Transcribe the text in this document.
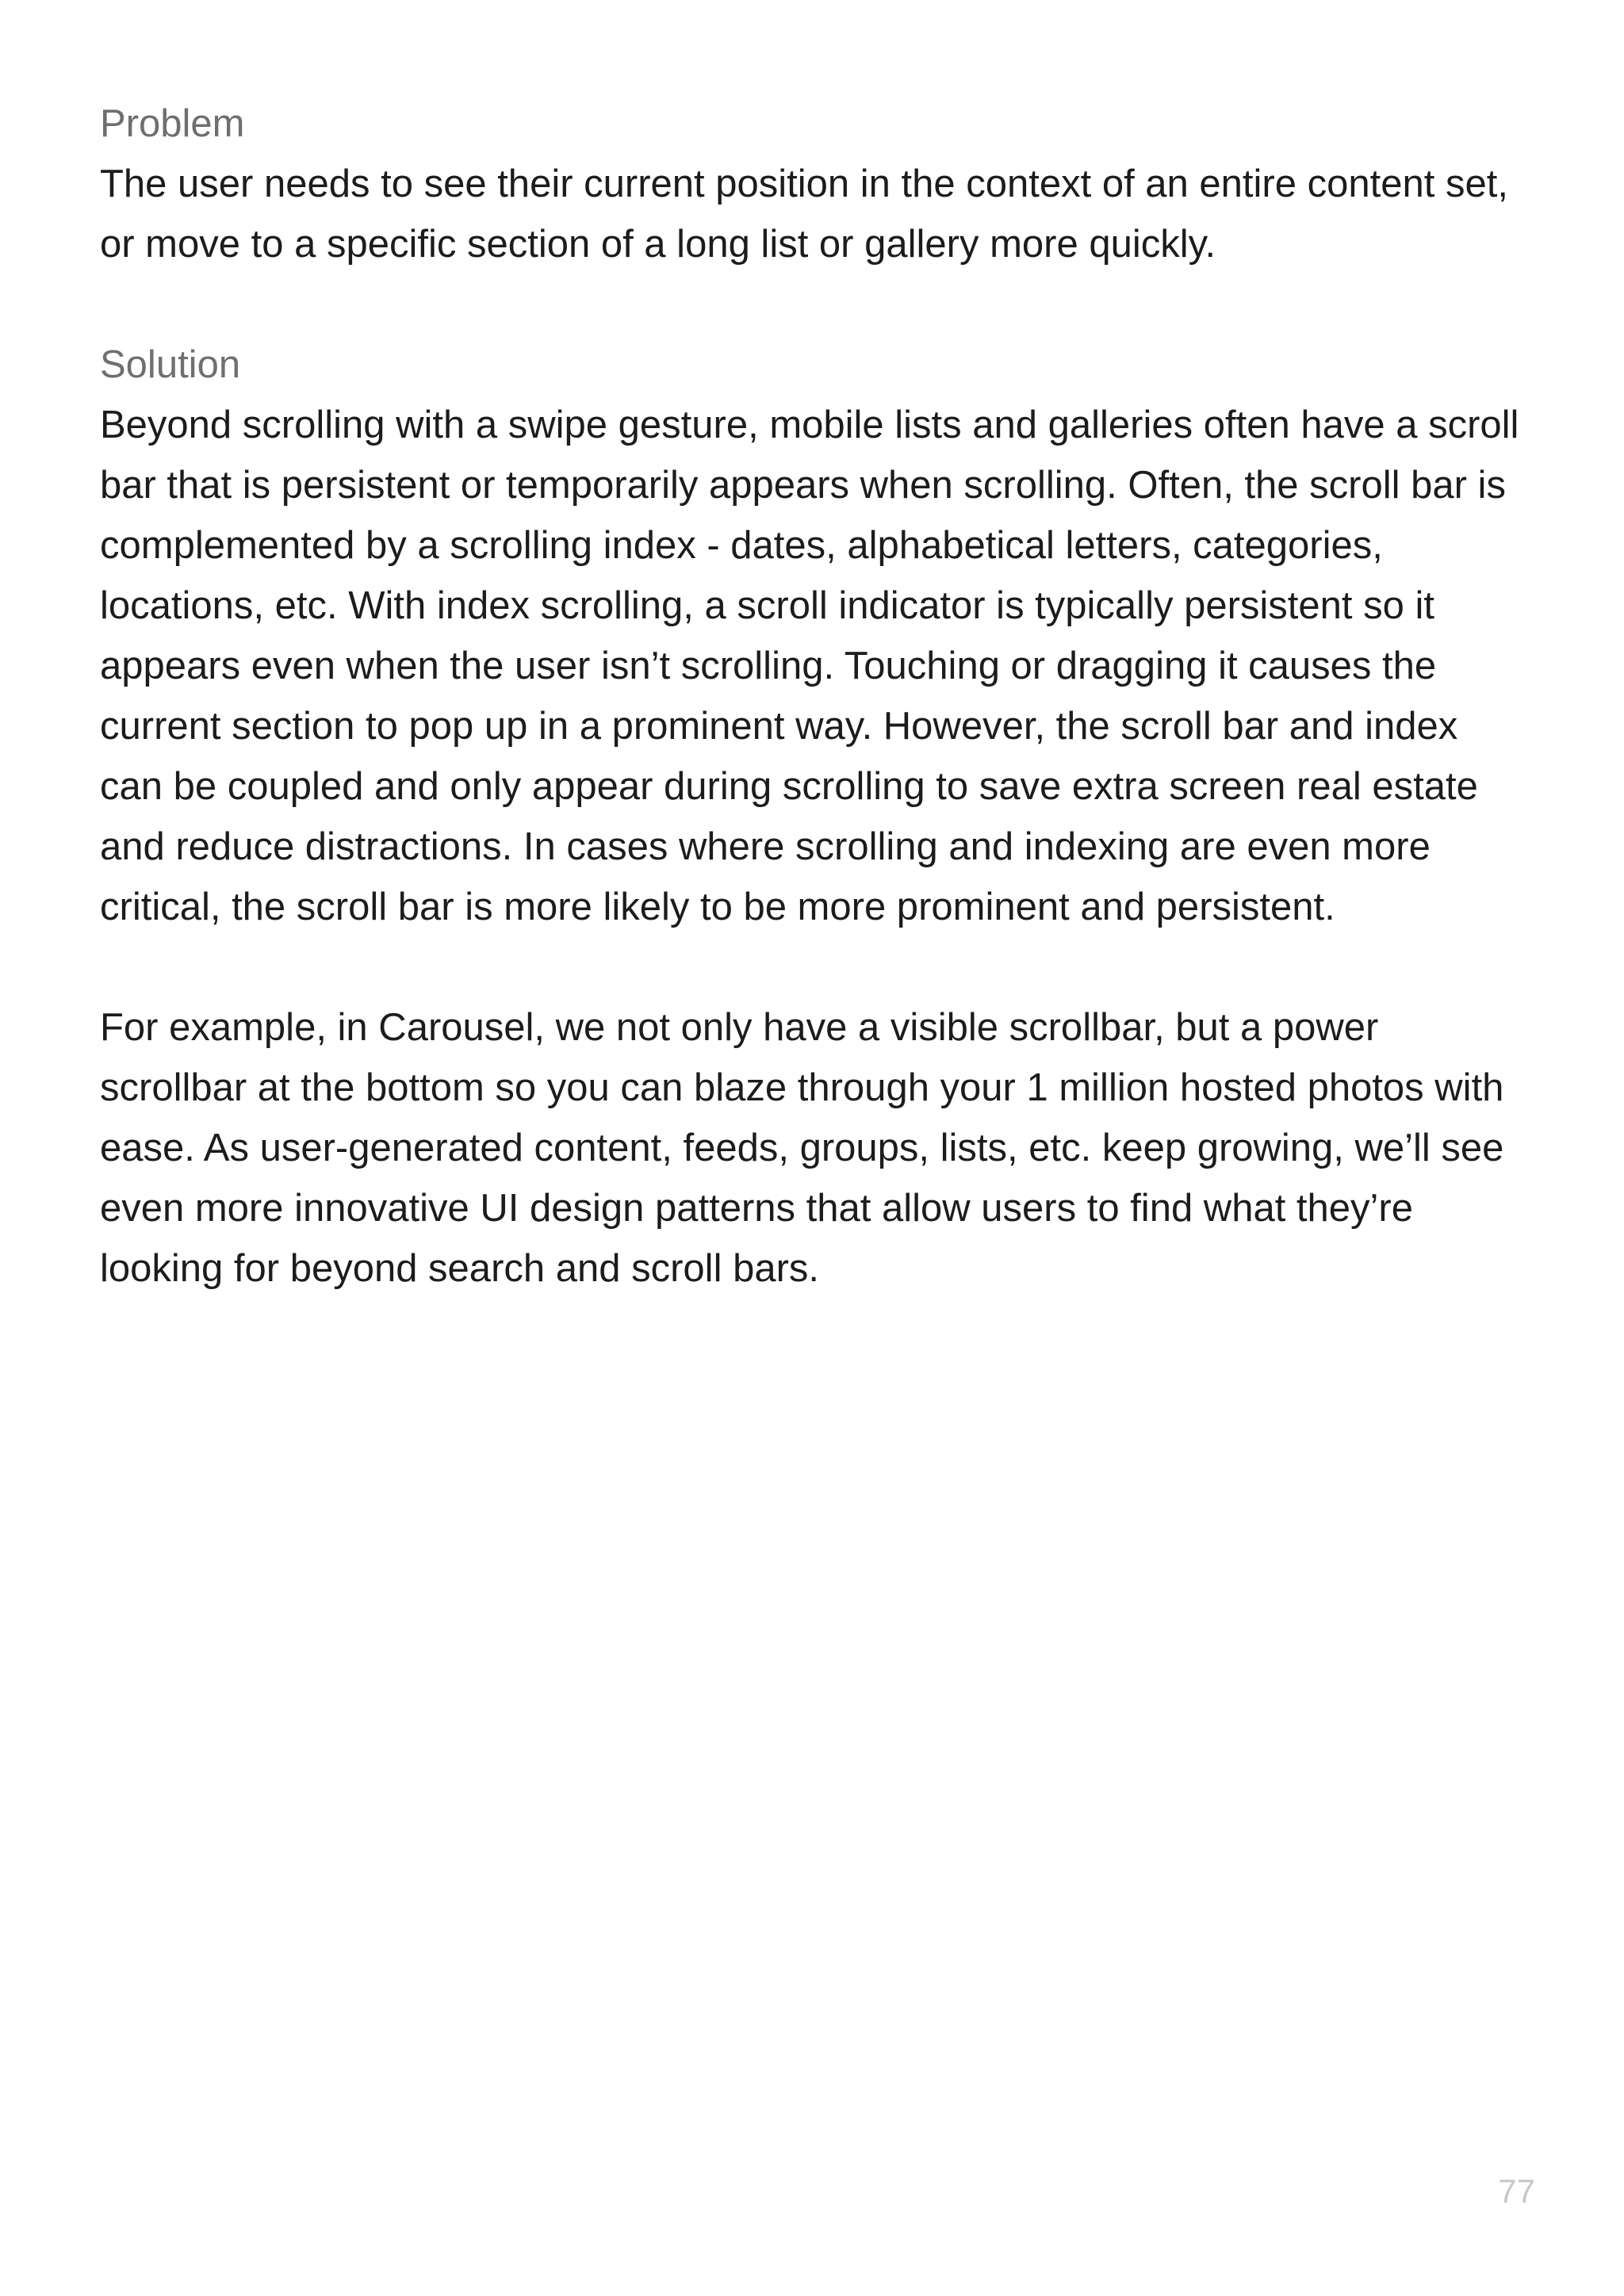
Problem

The user needs to see their current position in the context of an entire content set, or move to a specific section of a long list or gallery more quickly.

Solution

Beyond scrolling with a swipe gesture, mobile lists and galleries often have a scroll bar that is persistent or temporarily appears when scrolling. Often, the scroll bar is complemented by a scrolling index - dates, alphabetical letters, categories, locations, etc. With index scrolling, a scroll indicator is typically persistent so it appears even when the user isn’t scrolling. Touching or dragging it causes the current section to pop up in a prominent way. However, the scroll bar and index can be coupled and only appear during scrolling to save extra screen real estate and reduce distractions. In cases where scrolling and indexing are even more critical, the scroll bar is more likely to be more prominent and persistent.

For example, in Carousel, we not only have a visible scrollbar, but a power scrollbar at the bottom so you can blaze through your 1 million hosted photos with ease. As user-generated content, feeds, groups, lists, etc. keep growing, we’ll see even more innovative UI design patterns that allow users to find what they’re looking for beyond search and scroll bars.

77
